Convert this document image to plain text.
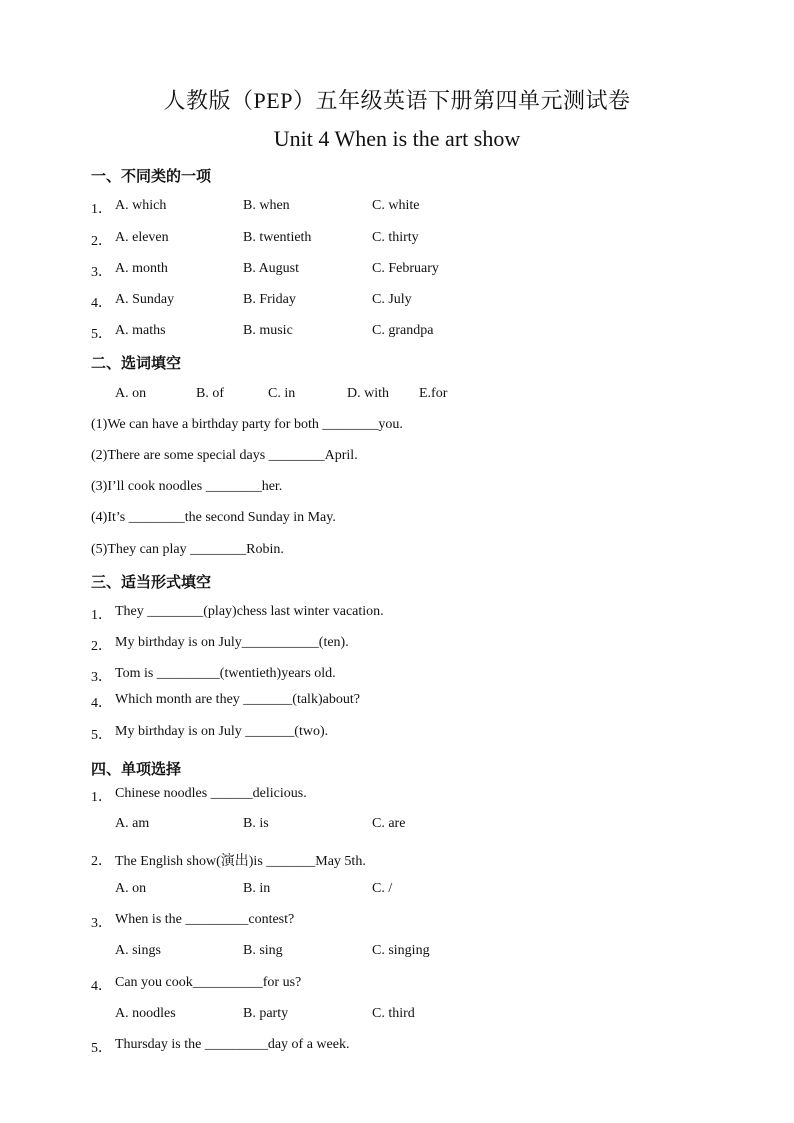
人教版（PEP）五年级英语下册第四单元测试卷
Unit 4 When is the art show
一、不同类的一项
1． A. which	B. when	C. white
2． A. eleven	B. twentieth	C. thirty
3． A. month	B. August	C. February
4． A. Sunday	B. Friday	C. July
5． A. maths	B. music	C. grandpa
二、选词填空
A. on	B. of	C. in	D. with E.for
(1)We can have a birthday party for both ________you.
(2)There are some special days ________April.
(3)I’ll cook noodles ________her.
(4)It’s ________the second Sunday in May.
(5)They can play ________Robin.
三、适当形式填空
1． They ________(play)chess last winter vacation.
2． My birthday is on July___________(ten).
3． Tom is _________(twentieth)years old.
4． Which month are they _______(talk)about?
5． My birthday is on July _______(two).
四、单项选择
1． Chinese noodles ______delicious.
A. am	B. is	C. are
2． The English show(演出)is _______May 5th.
A. on	B. in	C. /
3． When is the _________contest?
A. sings	B. sing	C. singing
4． Can you cook__________for us?
A. noodles	B. party	C. third
5． Thursday is the _________day of a week.
